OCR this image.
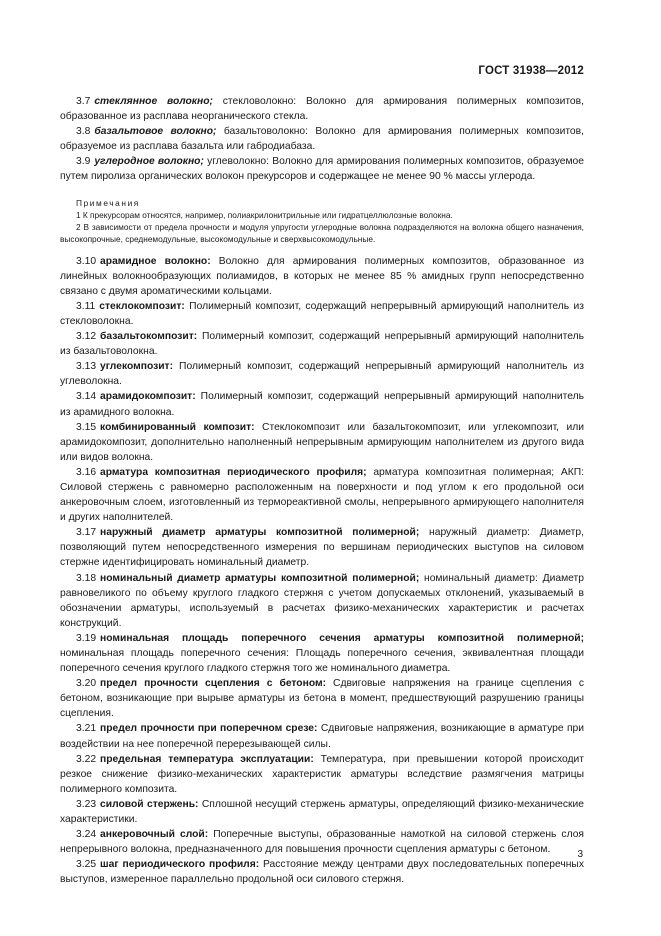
ГОСТ 31938—2012

3.7 стеклянное волокно; стекловолокно: Волокно для армирования полимерных композитов, образованное из расплава неорганического стекла.

3.8 базальтовое волокно; базальтоволокно: Волокно для армирования полимерных композитов, образуемое из расплава базальта или габродиабаза.

3.9 углеродное волокно; углеволокно: Волокно для армирования полимерных композитов, образуемое путем пиролиза органических волокон прекурсоров и содержащее не менее 90 % массы углерода.

Примечания

1 К прекурсорам относятся, например, полиакрилонитрильные или гидратцеллюлозные волокна.

2 В зависимости от предела прочности и модуля упругости углеродные волокна подразделяются на волокна общего назначения, высокопрочные, среднемодульные, высокомодульные и сверхвысокомодульные.

3.10 арамидное волокно: Волокно для армирования полимерных композитов, образованное из линейных волокнообразующих полиамидов, в которых не менее 85 % амидных групп непосредственно связано с двумя ароматическими кольцами.

3.11 стеклокомпозит: Полимерный композит, содержащий непрерывный армирующий наполнитель из стекловолокна.

3.12 базальтокомпозит: Полимерный композит, содержащий непрерывный армирующий наполнитель из базальтоволокна.

3.13 углекомпозит: Полимерный композит, содержащий непрерывный армирующий наполнитель из углеволокна.

3.14 арамидокомпозит: Полимерный композит, содержащий непрерывный армирующий наполнитель из арамидного волокна.

3.15 комбинированный композит: Стеклокомпозит или базальтокомпозит, или углекомпозит, или арамидокомпозит, дополнительно наполненный непрерывным армирующим наполнителем из другого вида или видов волокна.

3.16 арматура композитная периодического профиля; арматура композитная полимерная; АКП: Силовой стержень с равномерно расположенным на поверхности и под углом к его продольной оси анкеровочным слоем, изготовленный из термореактивной смолы, непрерывного армирующего наполнителя и других наполнителей.

3.17 наружный диаметр арматуры композитной полимерной; наружный диаметр: Диаметр, позволяющий путем непосредственного измерения по вершинам периодических выступов на силовом стержне идентифицировать номинальный диаметр.

3.18 номинальный диаметр арматуры композитной полимерной; номинальный диаметр: Диаметр равновеликого по объему круглого гладкого стержня с учетом допускаемых отклонений, указываемый в обозначении арматуры, используемый в расчетах физико-механических характеристик и расчетах конструкций.

3.19 номинальная площадь поперечного сечения арматуры композитной полимерной; номинальная площадь поперечного сечения: Площадь поперечного сечения, эквивалентная площади поперечного сечения круглого гладкого стержня того же номинального диаметра.

3.20 предел прочности сцепления с бетоном: Сдвиговые напряжения на границе сцепления с бетоном, возникающие при вырыве арматуры из бетона в момент, предшествующий разрушению границы сцепления.

3.21 предел прочности при поперечном срезе: Сдвиговые напряжения, возникающие в арматуре при воздействии на нее поперечной перерезывающей силы.

3.22 предельная температура эксплуатации: Температура, при превышении которой происходит резкое снижение физико-механических характеристик арматуры вследствие размягчения матрицы полимерного композита.

3.23 силовой стержень: Сплошной несущий стержень арматуры, определяющий физико-механические характеристики.

3.24 анкеровочный слой: Поперечные выступы, образованные намоткой на силовой стержень слоя непрерывного волокна, предназначенного для повышения прочности сцепления арматуры с бетоном.

3.25 шаг периодического профиля: Расстояние между центрами двух последовательных поперечных выступов, измеренное параллельно продольной оси силового стержня.

3
